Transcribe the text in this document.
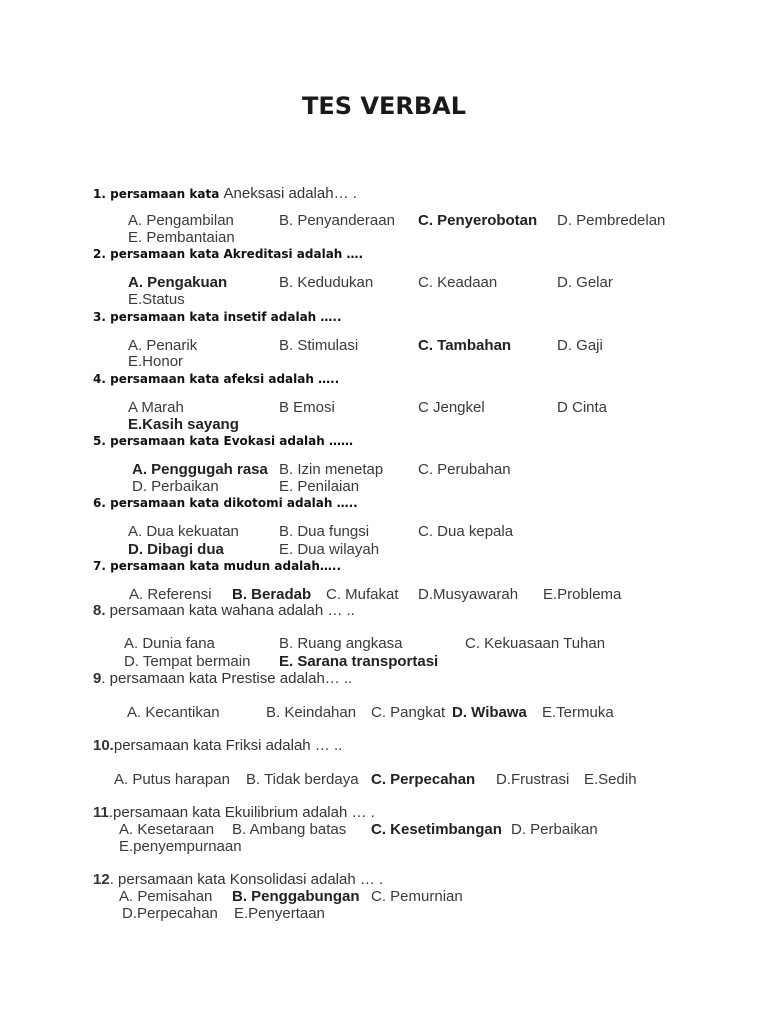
TES VERBAL
1. persamaan kata Aneksasi adalah… .
A. Pengambilan	B. Penyanderaan C. Penyerobotan D. Pembredelan
E. Pembantaian
2. persamaan kata Akreditasi adalah ….
A. Pengakuan	B. Kedudukan	C. Keadaan	D. Gelar
E.Status
3. persamaan kata insetif adalah …..
A. Penarik	B. Stimulasi	C. Tambahan	D. Gaji
E.Honor
4. persamaan kata afeksi adalah …..
A Marah	B Emosi	C Jengkel	D Cinta
E.Kasih sayang
5. persamaan kata Evokasi adalah ……
A. Penggugah rasa B. Izin menetap C. Perubahan
D. Perbaikan	E. Penilaian
6. persamaan kata dikotomi adalah …..
A. Dua kekuatan	B. Dua fungsi	C. Dua kepala
D. Dibagi dua	E. Dua wilayah
7. persamaan kata mudun adalah…..
A. Referensi B. Beradab C. Mufakat D.Musyawarah E.Problema
8. persamaan kata wahana adalah … ..
A. Dunia fana	B. Ruang angkasa	C. Kekuasaan Tuhan
D. Tempat bermain E. Sarana transportasi
9. persamaan kata Prestise adalah… ..
A. Kecantikan	B. Keindahan C. Pangkat D. Wibawa E.Termuka
10.persamaan kata Friksi adalah … ..
A. Putus harapan B. Tidak berdaya C. Perpecahan D.Frustrasi E.Sedih
11.persamaan kata Ekuilibrium adalah … .
A. Kesetaraan B. Ambang batas C. Kesetimbangan D. Perbaikan
E.penyempurnaan
12. persamaan kata Konsolidasi adalah … .
A. Pemisahan B. Penggabungan C. Pemurnian
D.Perpecahan E.Penyertaan
